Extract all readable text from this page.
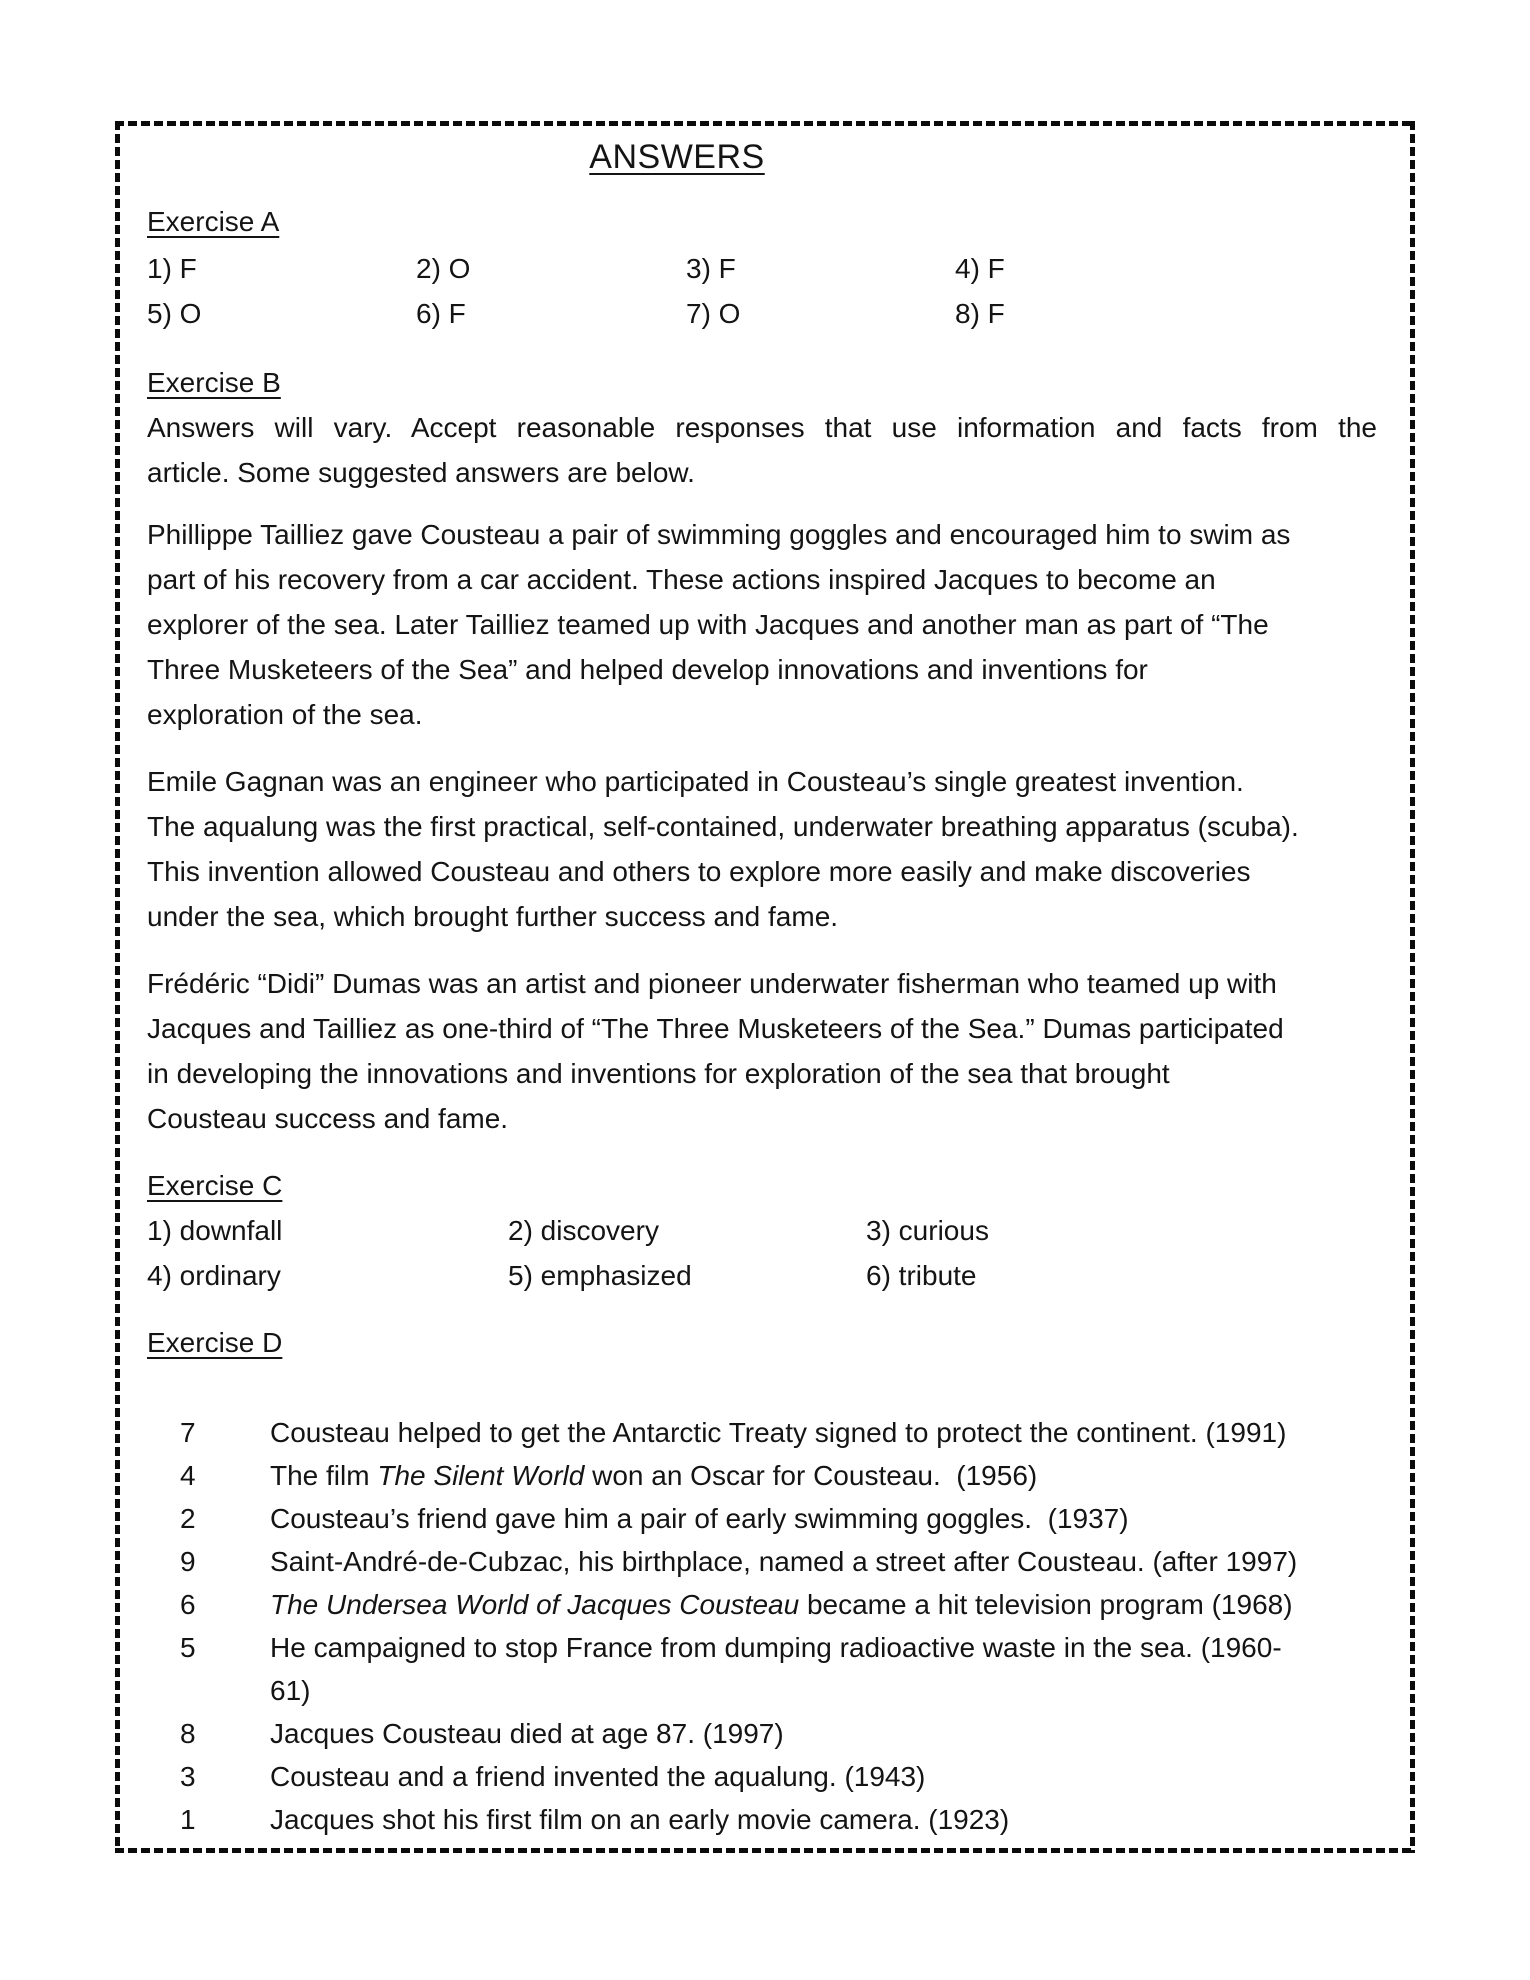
ANSWERS
Exercise A
1) F	2) O	3) F	4) F
5) O	6) F	7) O	8) F
Exercise B
Answers will vary. Accept reasonable responses that use information and facts from the
article. Some suggested answers are below.
Phillippe Tailliez gave Cousteau a pair of swimming goggles and encouraged him to swim as
part of his recovery from a car accident. These actions inspired Jacques to become an
explorer of the sea. Later Tailliez teamed up with Jacques and another man as part of “The
Three Musketeers of the Sea” and helped develop innovations and inventions for
exploration of the sea.
Emile Gagnan was an engineer who participated in Cousteau’s single greatest invention.
The aqualung was the first practical, self-contained, underwater breathing apparatus (scuba).
This invention allowed Cousteau and others to explore more easily and make discoveries
under the sea, which brought further success and fame.
Frédéric “Didi” Dumas was an artist and pioneer underwater fisherman who teamed up with
Jacques and Tailliez as one-third of “The Three Musketeers of the Sea.” Dumas participated
in developing the innovations and inventions for exploration of the sea that brought
Cousteau success and fame.
Exercise C
1) downfall	2) discovery	3) curious
4) ordinary	5) emphasized	6) tribute
Exercise D
7	Cousteau helped to get the Antarctic Treaty signed to protect the continent. (1991)
4	The film The Silent World won an Oscar for Cousteau.  (1956)
2	Cousteau’s friend gave him a pair of early swimming goggles.  (1937)
9	Saint-André-de-Cubzac, his birthplace, named a street after Cousteau. (after 1997)
6	The Undersea World of Jacques Cousteau became a hit television program (1968)
5	He campaigned to stop France from dumping radioactive waste in the sea. (1960-
61)
8	Jacques Cousteau died at age 87. (1997)
3	Cousteau and a friend invented the aqualung. (1943)
1	Jacques shot his first film on an early movie camera. (1923)
